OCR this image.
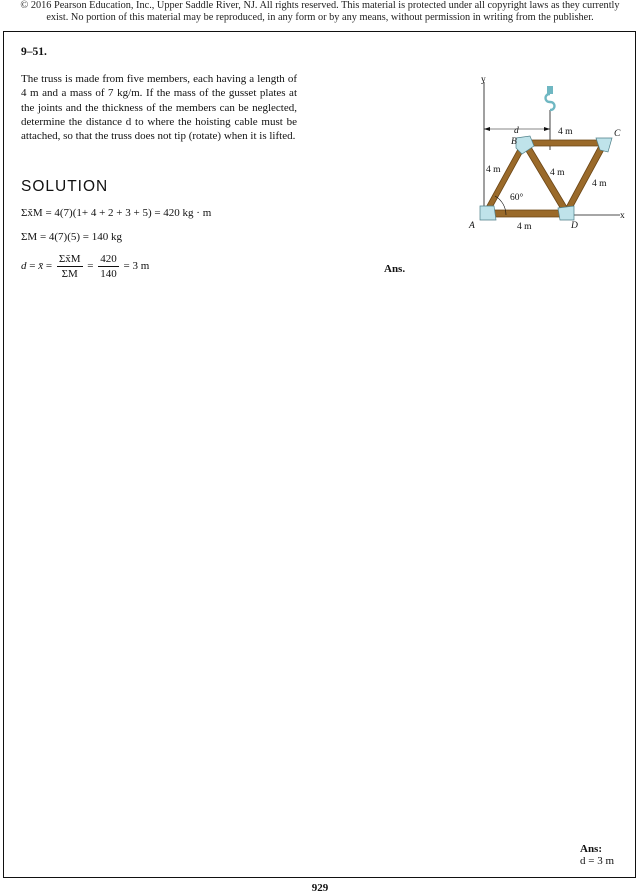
© 2016 Pearson Education, Inc., Upper Saddle River, NJ. All rights reserved. This material is protected under all copyright laws as they currently
exist. No portion of this material may be reproduced, in any form or by any means, without permission in writing from the publisher.
9–51.

The truss is made from five members, each having a length of 4 m and a mass of 7 kg/m. If the mass of the gusset plates at the joints and the thickness of the members can be neglected, determine the distance d to where the hoisting cable must be attached, so that the truss does not tip (rotate) when it is lifted.

SOLUTION
Σx̃M = 4(7)(1+ 4 + 2 + 3 + 5) = 420 kg · m
ΣM = 4(7)(5) = 140 kg
d = x̄ = $\frac{\Sigma x̃M}{\Sigma M} = \frac{420}{140} = 3$ m	Ans.
y
x
d
60°
A
B
C
D
4 m
4 m	4 m
4 m
4 m
Ans:
d = 3 m
929
